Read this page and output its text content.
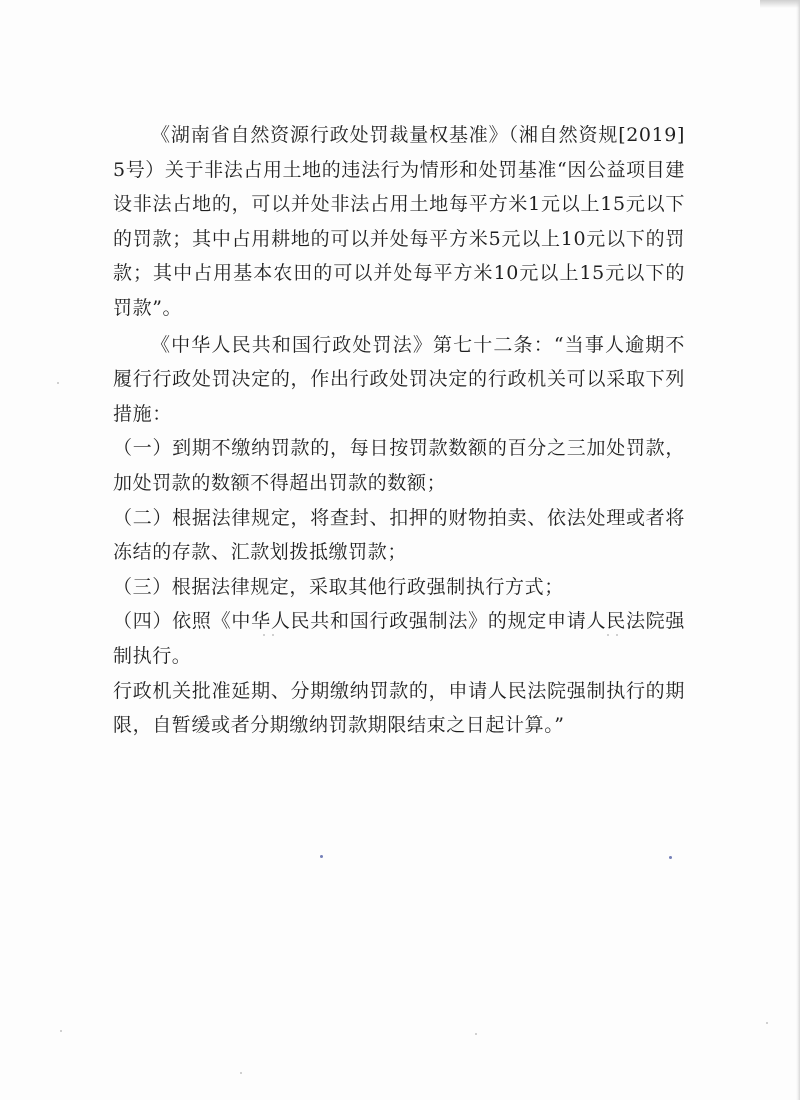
《湖南省自然资源行政处罚裁量权基准》（湘自然资规[2019]5号）关于非法占用土地的违法行为情形和处罚基准“因公益项目建设非法占地的，可以并处非法占用土地每平方米1元以上15元以下的罚款；其中占用耕地的可以并处每平方米5元以上10元以下的罚款；其中占用基本农田的可以并处每平方米10元以上15元以下的罚款”。

《中华人民共和国行政处罚法》第七十二条：“当事人逾期不履行行政处罚决定的，作出行政处罚决定的行政机关可以采取下列措施：

（一）到期不缴纳罚款的，每日按罚款数额的百分之三加处罚款，加处罚款的数额不得超出罚款的数额；

（二）根据法律规定，将查封、扣押的财物拍卖、依法处理或者将冻结的存款、汇款划拨抵缴罚款；

（三）根据法律规定，采取其他行政强制执行方式；

（四）依照《中华人民共和国行政强制法》的规定申请人民法院强制执行。

行政机关批准延期、分期缴纳罚款的，申请人民法院强制执行的期限，自暂缓或者分期缴纳罚款期限结束之日起计算。”
